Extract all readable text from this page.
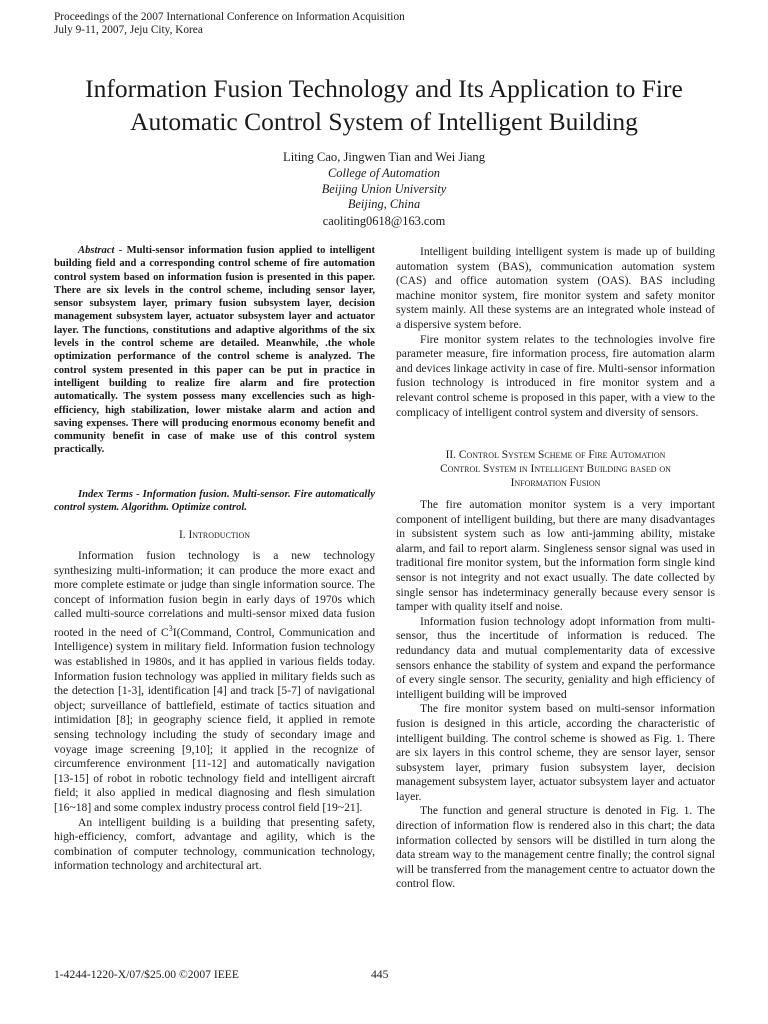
Proceedings of the 2007 International Conference on Information Acquisition
July 9-11, 2007, Jeju City, Korea
Information Fusion Technology and Its Application to Fire
Automatic Control System of Intelligent Building
Liting Cao, Jingwen Tian and Wei Jiang
College of Automation
Beijing Union University
Beijing, China
caoliting0618@163.com

Abstract - Multi-sensor information fusion applied to intelligent building field and a corresponding control scheme of fire automation control system based on information fusion is presented in this paper. There are six levels in the control scheme, including sensor layer, sensor subsystem layer, primary fusion subsystem layer, decision management subsystem layer, actuator subsystem layer and actuator layer. The functions, constitutions and adaptive algorithms of the six levels in the control scheme are detailed. Meanwhile, .the whole optimization performance of the control scheme is analyzed. The control system presented in this paper can be put in practice in intelligent building to realize fire alarm and fire protection automatically. The system possess many excellencies such as high-efficiency, high stabilization, lower mistake alarm and action and saving expenses. There will producing enormous economy benefit and community benefit in case of make use of this control system practically.

Index Terms - Information fusion. Multi-sensor. Fire automatically control system. Algorithm. Optimize control.

I. Introduction

Information fusion technology is a new technology synthesizing multi-information; it can produce the more exact and more complete estimate or judge than single information source. The concept of information fusion begin in early days of 1970s which called multi-source correlations and multi-sensor mixed data fusion rooted in the need of $C^3I(Command$, Control, Communication and Intelligence) system in military field. Information fusion technology was established in 1980s, and it has applied in various fields today. Information fusion technology was applied in military fields such as the detection [1-3], identification [4] and track [5-7] of navigational object; surveillance of battlefield, estimate of tactics situation and intimidation [8]; in geography science field, it applied in remote sensing technology including the study of secondary image and voyage image screening [9,10]; it applied in the recognize of circumference environment [11-12] and automatically navigation [13-15] of robot in robotic technology field and intelligent aircraft field; it also applied in medical diagnosing and flesh simulation [16~18] and some complex industry process control field [19~21].

An intelligent building is a building that presenting safety, high-efficiency, comfort, advantage and agility, which is the combination of computer technology, communication technology, information technology and architectural art.

Intelligent building intelligent system is made up of building automation system (BAS), communication automation system (CAS) and office automation system (OAS). BAS including machine monitor system, fire monitor system and safety monitor system mainly. All these systems are an integrated whole instead of a dispersive system before.

Fire monitor system relates to the technologies involve fire parameter measure, fire information process, fire automation alarm and devices linkage activity in case of fire. Multi-sensor information fusion technology is introduced in fire monitor system and a relevant control scheme is proposed in this paper, with a view to the complicacy of intelligent control system and diversity of sensors.

II. Control System Scheme of Fire Automation
Control System in Intelligent Building based on
Information Fusion

The fire automation monitor system is a very important component of intelligent building, but there are many disadvantages in subsistent system such as low anti-jamming ability, mistake alarm, and fail to report alarm. Singleness sensor signal was used in traditional fire monitor system, but the information form single kind sensor is not integrity and not exact usually. The date collected by single sensor has indeterminacy generally because every sensor is tamper with quality itself and noise.

Information fusion technology adopt information from multi-sensor, thus the incertitude of information is reduced. The redundancy data and mutual complementarity data of excessive sensors enhance the stability of system and expand the performance of every single sensor. The security, geniality and high efficiency of intelligent building will be improved

The fire monitor system based on multi-sensor information fusion is designed in this article, according the characteristic of intelligent building. The control scheme is showed as Fig. 1. There are six layers in this control scheme, they are sensor layer, sensor subsystem layer, primary fusion subsystem layer, decision management subsystem layer, actuator subsystem layer and actuator layer.

The function and general structure is denoted in Fig. 1. The direction of information flow is rendered also in this chart; the data information collected by sensors will be distilled in turn along the data stream way to the management centre finally; the control signal will be transferred from the management centre to actuator down the control flow.

1-4244-1220-X/07/$25.00 ©2007 IEEE	445
